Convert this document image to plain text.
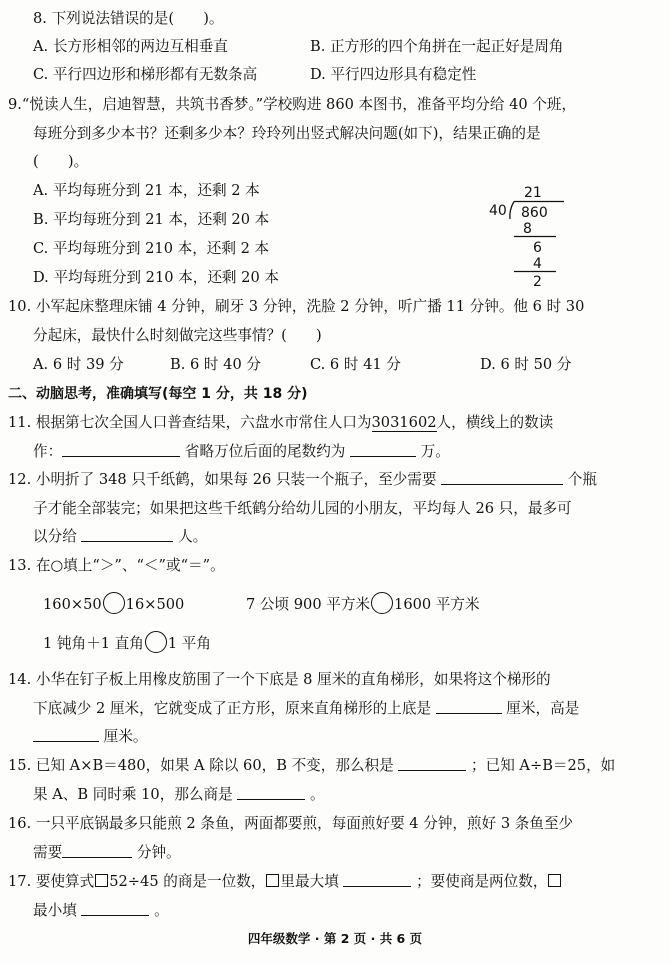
8. 下列说法错误的是(　　)。
A. 长方形相邻的两边互相垂直	B. 正方形的四个角拼在一起正好是周角
C. 平行四边形和梯形都有无数条高	D. 平行四边形具有稳定性
9.“悦读人生，启迪智慧，共筑书香梦。”学校购进 860 本图书，准备平均分给 40 个班，
每班分到多少本书？还剩多少本？玲玲列出竖式解决问题(如下)，结果正确的是
(　　)。
A. 平均每班分到 21 本，还剩 2 本
B. 平均每班分到 21 本，还剩 20 本
C. 平均每班分到 210 本，还剩 2 本
D. 平均每班分到 210 本，还剩 20 本
21
40 860
8
6
4
2
10. 小军起床整理床铺 4 分钟，刷牙 3 分钟，洗脸 2 分钟，听广播 11 分钟。他 6 时 30
分起床，最快什么时刻做完这些事情？(　　)
A. 6 时 39 分	B. 6 时 40 分	C. 6 时 41 分	D. 6 时 50 分
二、动脑思考，准确填写(每空 1 分，共 18 分)
11. 根据第七次全国人口普查结果，六盘水市常住人口为3031602人，横线上的数读
作：	省略万位后面的尾数约为	万。
12. 小明折了 348 只千纸鹤，如果每 26 只装一个瓶子，至少需要	个瓶
子才能全部装完；如果把这些千纸鹤分给幼儿园的小朋友，平均每人 26 只，最多可
以分给	人。
13. 在○填上“＞”、“＜”或“＝”。
160×50 16×500	7 公顷 900 平方米 1600 平方米
1 钝角＋1 直角 1 平角
14. 小华在钉子板上用橡皮筋围了一个下底是 8 厘米的直角梯形，如果将这个梯形的
下底减少 2 厘米，它就变成了正方形，原来直角梯形的上底是	厘米，高是
厘米。
15. 已知 A×B＝480，如果 A 除以 60，B 不变，那么积是	；已知 A÷B＝25，如
果 A、B 同时乘 10，那么商是	。
16. 一只平底锅最多只能煎 2 条鱼，两面都要煎，每面煎好要 4 分钟，煎好 3 条鱼至少
需要	分钟。
17. 要使算式 52÷45 的商是一位数， 里最大填	；要使商是两位数，
最小填	。
四年级数学 · 第 2 页 · 共 6 页
